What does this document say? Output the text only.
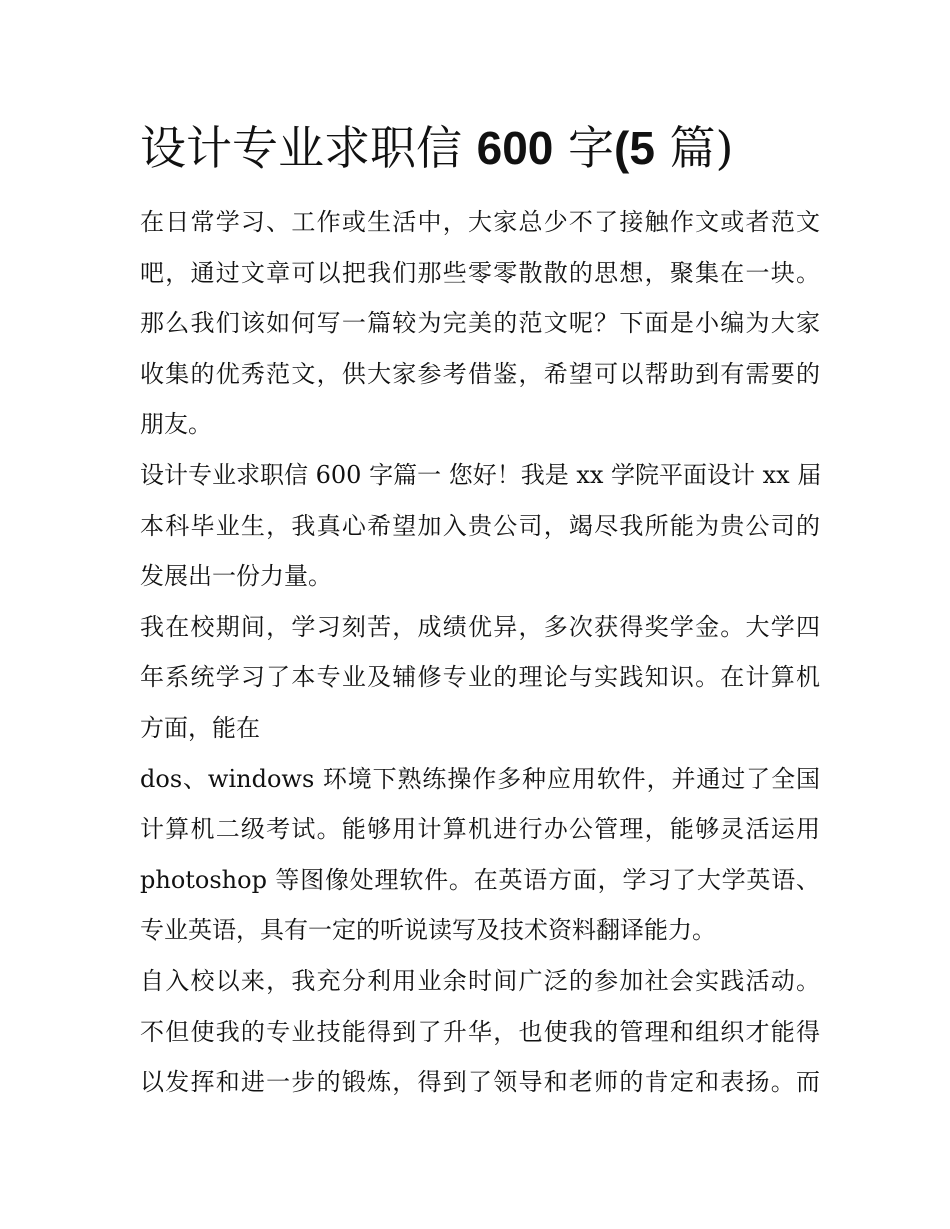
设计专业求职信 600 字(5 篇)
在日常学习、工作或生活中，大家总少不了接触作文或者范文
吧，通过文章可以把我们那些零零散散的思想，聚集在一块。
那么我们该如何写一篇较为完美的范文呢？下面是小编为大家
收集的优秀范文，供大家参考借鉴，希望可以帮助到有需要的
朋友。
设计专业求职信 600 字篇一 您好！我是 xx 学院平面设计 xx 届
本科毕业生，我真心希望加入贵公司，竭尽我所能为贵公司的
发展出一份力量。
我在校期间，学习刻苦，成绩优异，多次获得奖学金。大学四
年系统学习了本专业及辅修专业的理论与实践知识。在计算机
方面，能在
dos、windows 环境下熟练操作多种应用软件，并通过了全国
计算机二级考试。能够用计算机进行办公管理，能够灵活运用
photoshop 等图像处理软件。在英语方面，学习了大学英语、
专业英语，具有一定的听说读写及技术资料翻译能力。
自入校以来，我充分利用业余时间广泛的参加社会实践活动。
不但使我的专业技能得到了升华，也使我的管理和组织才能得
以发挥和进一步的锻炼，得到了领导和老师的肯定和表扬。而
